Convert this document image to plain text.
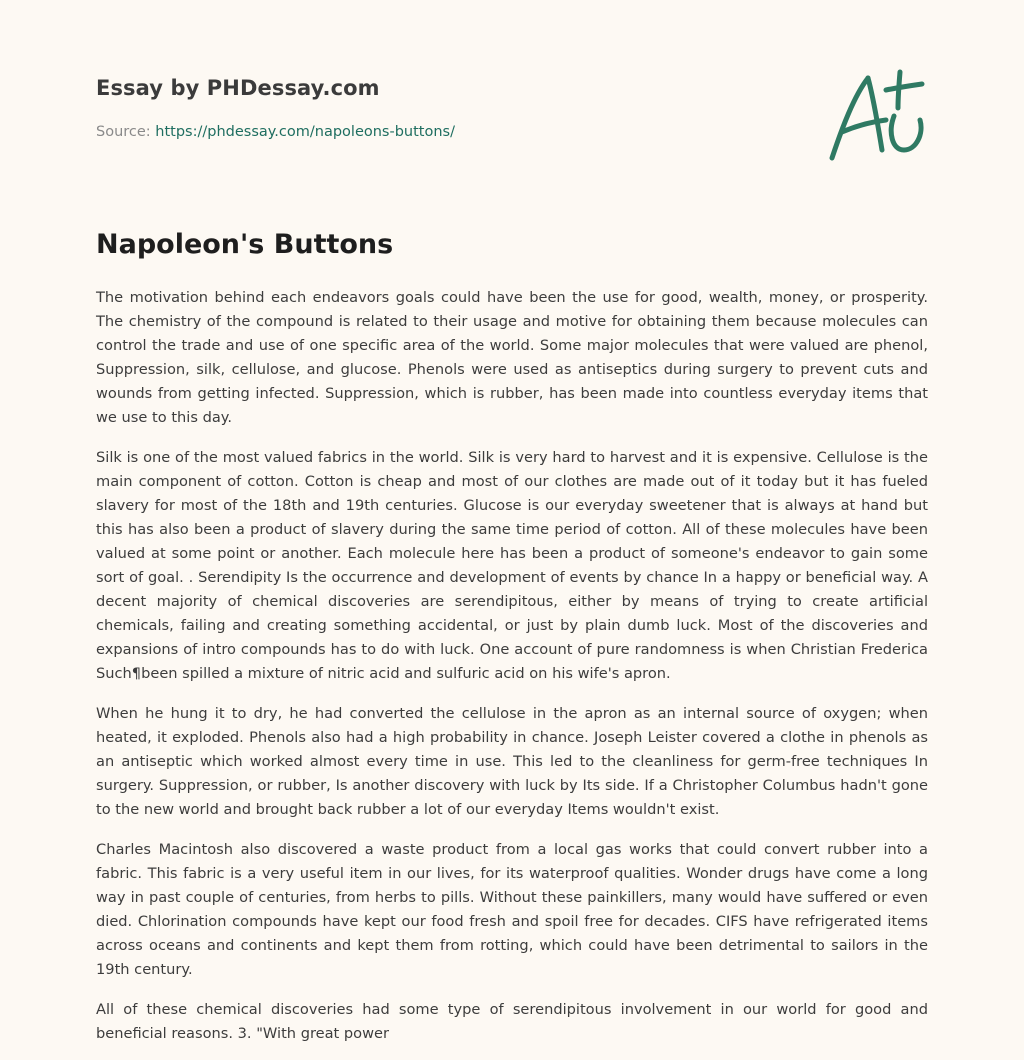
Essay by PHDessay.com
Source: https://phdessay.com/napoleons-buttons/
Napoleon's Buttons

The motivation behind each endeavors goals could have been the use for good, wealth, money, or prosperity. The chemistry of the compound is related to their usage and motive for obtaining them because molecules can control the trade and use of one specific area of the world. Some major molecules that were valued are phenol, Suppression, silk, cellulose, and glucose. Phenols were used as antiseptics during surgery to prevent cuts and wounds from getting infected. Suppression, which is rubber, has been made into countless everyday items that we use to this day.

Silk is one of the most valued fabrics in the world. Silk is very hard to harvest and it is expensive. Cellulose is the main component of cotton. Cotton is cheap and most of our clothes are made out of it today but it has fueled slavery for most of the 18th and 19th centuries. Glucose is our everyday sweetener that is always at hand but this has also been a product of slavery during the same time period of cotton. All of these molecules have been valued at some point or another. Each molecule here has been a product of someone's endeavor to gain some sort of goal. . Serendipity Is the occurrence and development of events by chance In a happy or beneficial way. A decent majority of chemical discoveries are serendipitous, either by means of trying to create artificial chemicals, failing and creating something accidental, or just by plain dumb luck. Most of the discoveries and expansions of intro compounds has to do with luck. One account of pure randomness is when Christian Frederica Such¶been spilled a mixture of nitric acid and sulfuric acid on his wife's apron.

When he hung it to dry, he had converted the cellulose in the apron as an internal source of oxygen; when heated, it exploded. Phenols also had a high probability in chance. Joseph Leister covered a clothe in phenols as an antiseptic which worked almost every time in use. This led to the cleanliness for germ-free techniques In surgery. Suppression, or rubber, Is another discovery with luck by Its side. If a Christopher Columbus hadn't gone to the new world and brought back rubber a lot of our everyday Items wouldn't exist.

Charles Macintosh also discovered a waste product from a local gas works that could convert rubber into a fabric. This fabric is a very useful item in our lives, for its waterproof qualities. Wonder drugs have come a long way in past couple of centuries, from herbs to pills. Without these painkillers, many would have suffered or even died. Chlorination compounds have kept our food fresh and spoil free for decades. CIFS have refrigerated items across oceans and continents and kept them from rotting, which could have been detrimental to sailors in the 19th century.

All of these chemical discoveries had some type of serendipitous involvement in our world for good and beneficial reasons. 3. "With great power
